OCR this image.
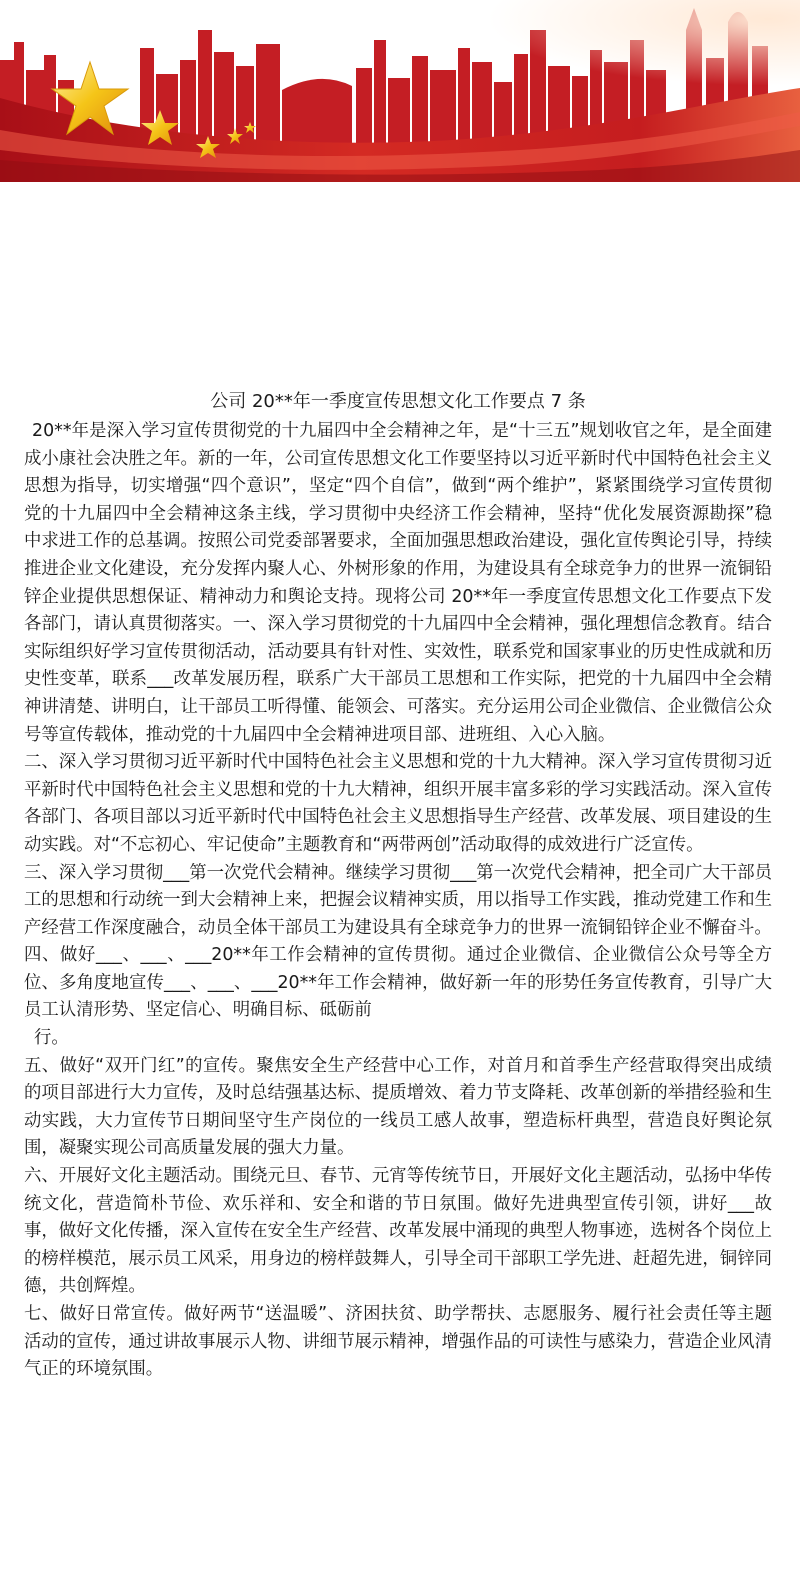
公司 20**年一季度宣传思想文化工作要点 7 条

20**年是深入学习宣传贯彻党的十九届四中全会精神之年，是“十三五”规划收官之年，是全面建成小康社会决胜之年。新的一年，公司宣传思想文化工作要坚持以习近平新时代中国特色社会主义思想为指导，切实增强“四个意识”，坚定“四个自信”，做到“两个维护”，紧紧围绕学习宣传贯彻党的十九届四中全会精神这条主线，学习贯彻中央经济工作会精神，坚持“优化发展资源勘探”稳中求进工作的总基调。按照公司党委部署要求，全面加强思想政治建设，强化宣传舆论引导，持续推进企业文化建设，充分发挥内聚人心、外树形象的作用，为建设具有全球竞争力的世界一流铜铅锌企业提供思想保证、精神动力和舆论支持。现将公司 20**年一季度宣传思想文化工作要点下发各部门，请认真贯彻落实。一、深入学习贯彻党的十九届四中全会精神，强化理想信念教育。结合实际组织好学习宣传贯彻活动，活动要具有针对性、实效性，联系党和国家事业的历史性成就和历史性变革，联系___改革发展历程，联系广大干部员工思想和工作实际，把党的十九届四中全会精神讲清楚、讲明白，让干部员工听得懂、能领会、可落实。充分运用公司企业微信、企业微信公众号等宣传载体，推动党的十九届四中全会精神进项目部、进班组、入心入脑。

二、深入学习贯彻习近平新时代中国特色社会主义思想和党的十九大精神。深入学习宣传贯彻习近平新时代中国特色社会主义思想和党的十九大精神，组织开展丰富多彩的学习实践活动。深入宣传各部门、各项目部以习近平新时代中国特色社会主义思想指导生产经营、改革发展、项目建设的生动实践。对“不忘初心、牢记使命”主题教育和“两带两创”活动取得的成效进行广泛宣传。

三、深入学习贯彻___第一次党代会精神。继续学习贯彻___第一次党代会精神，把全司广大干部员工的思想和行动统一到大会精神上来，把握会议精神实质，用以指导工作实践，推动党建工作和生产经营工作深度融合，动员全体干部员工为建设具有全球竞争力的世界一流铜铅锌企业不懈奋斗。

四、做好___、___、___20**年工作会精神的宣传贯彻。通过企业微信、企业微信公众号等全方位、多角度地宣传___、___、___20**年工作会精神，做好新一年的形势任务宣传教育，引导广大员工认清形势、坚定信心、明确目标、砥砺前

行。

五、做好“双开门红”的宣传。聚焦安全生产经营中心工作，对首月和首季生产经营取得突出成绩的项目部进行大力宣传，及时总结强基达标、提质增效、着力节支降耗、改革创新的举措经验和生动实践，大力宣传节日期间坚守生产岗位的一线员工感人故事，塑造标杆典型，营造良好舆论氛围，凝聚实现公司高质量发展的强大力量。

六、开展好文化主题活动。围绕元旦、春节、元宵等传统节日，开展好文化主题活动，弘扬中华传统文化，营造简朴节俭、欢乐祥和、安全和谐的节日氛围。做好先进典型宣传引领，讲好___故事，做好文化传播，深入宣传在安全生产经营、改革发展中涌现的典型人物事迹，选树各个岗位上的榜样模范，展示员工风采，用身边的榜样鼓舞人，引导全司干部职工学先进、赶超先进，铜锌同德，共创辉煌。

七、做好日常宣传。做好两节“送温暖”、济困扶贫、助学帮扶、志愿服务、履行社会责任等主题活动的宣传，通过讲故事展示人物、讲细节展示精神，增强作品的可读性与感染力，营造企业风清气正的环境氛围。
